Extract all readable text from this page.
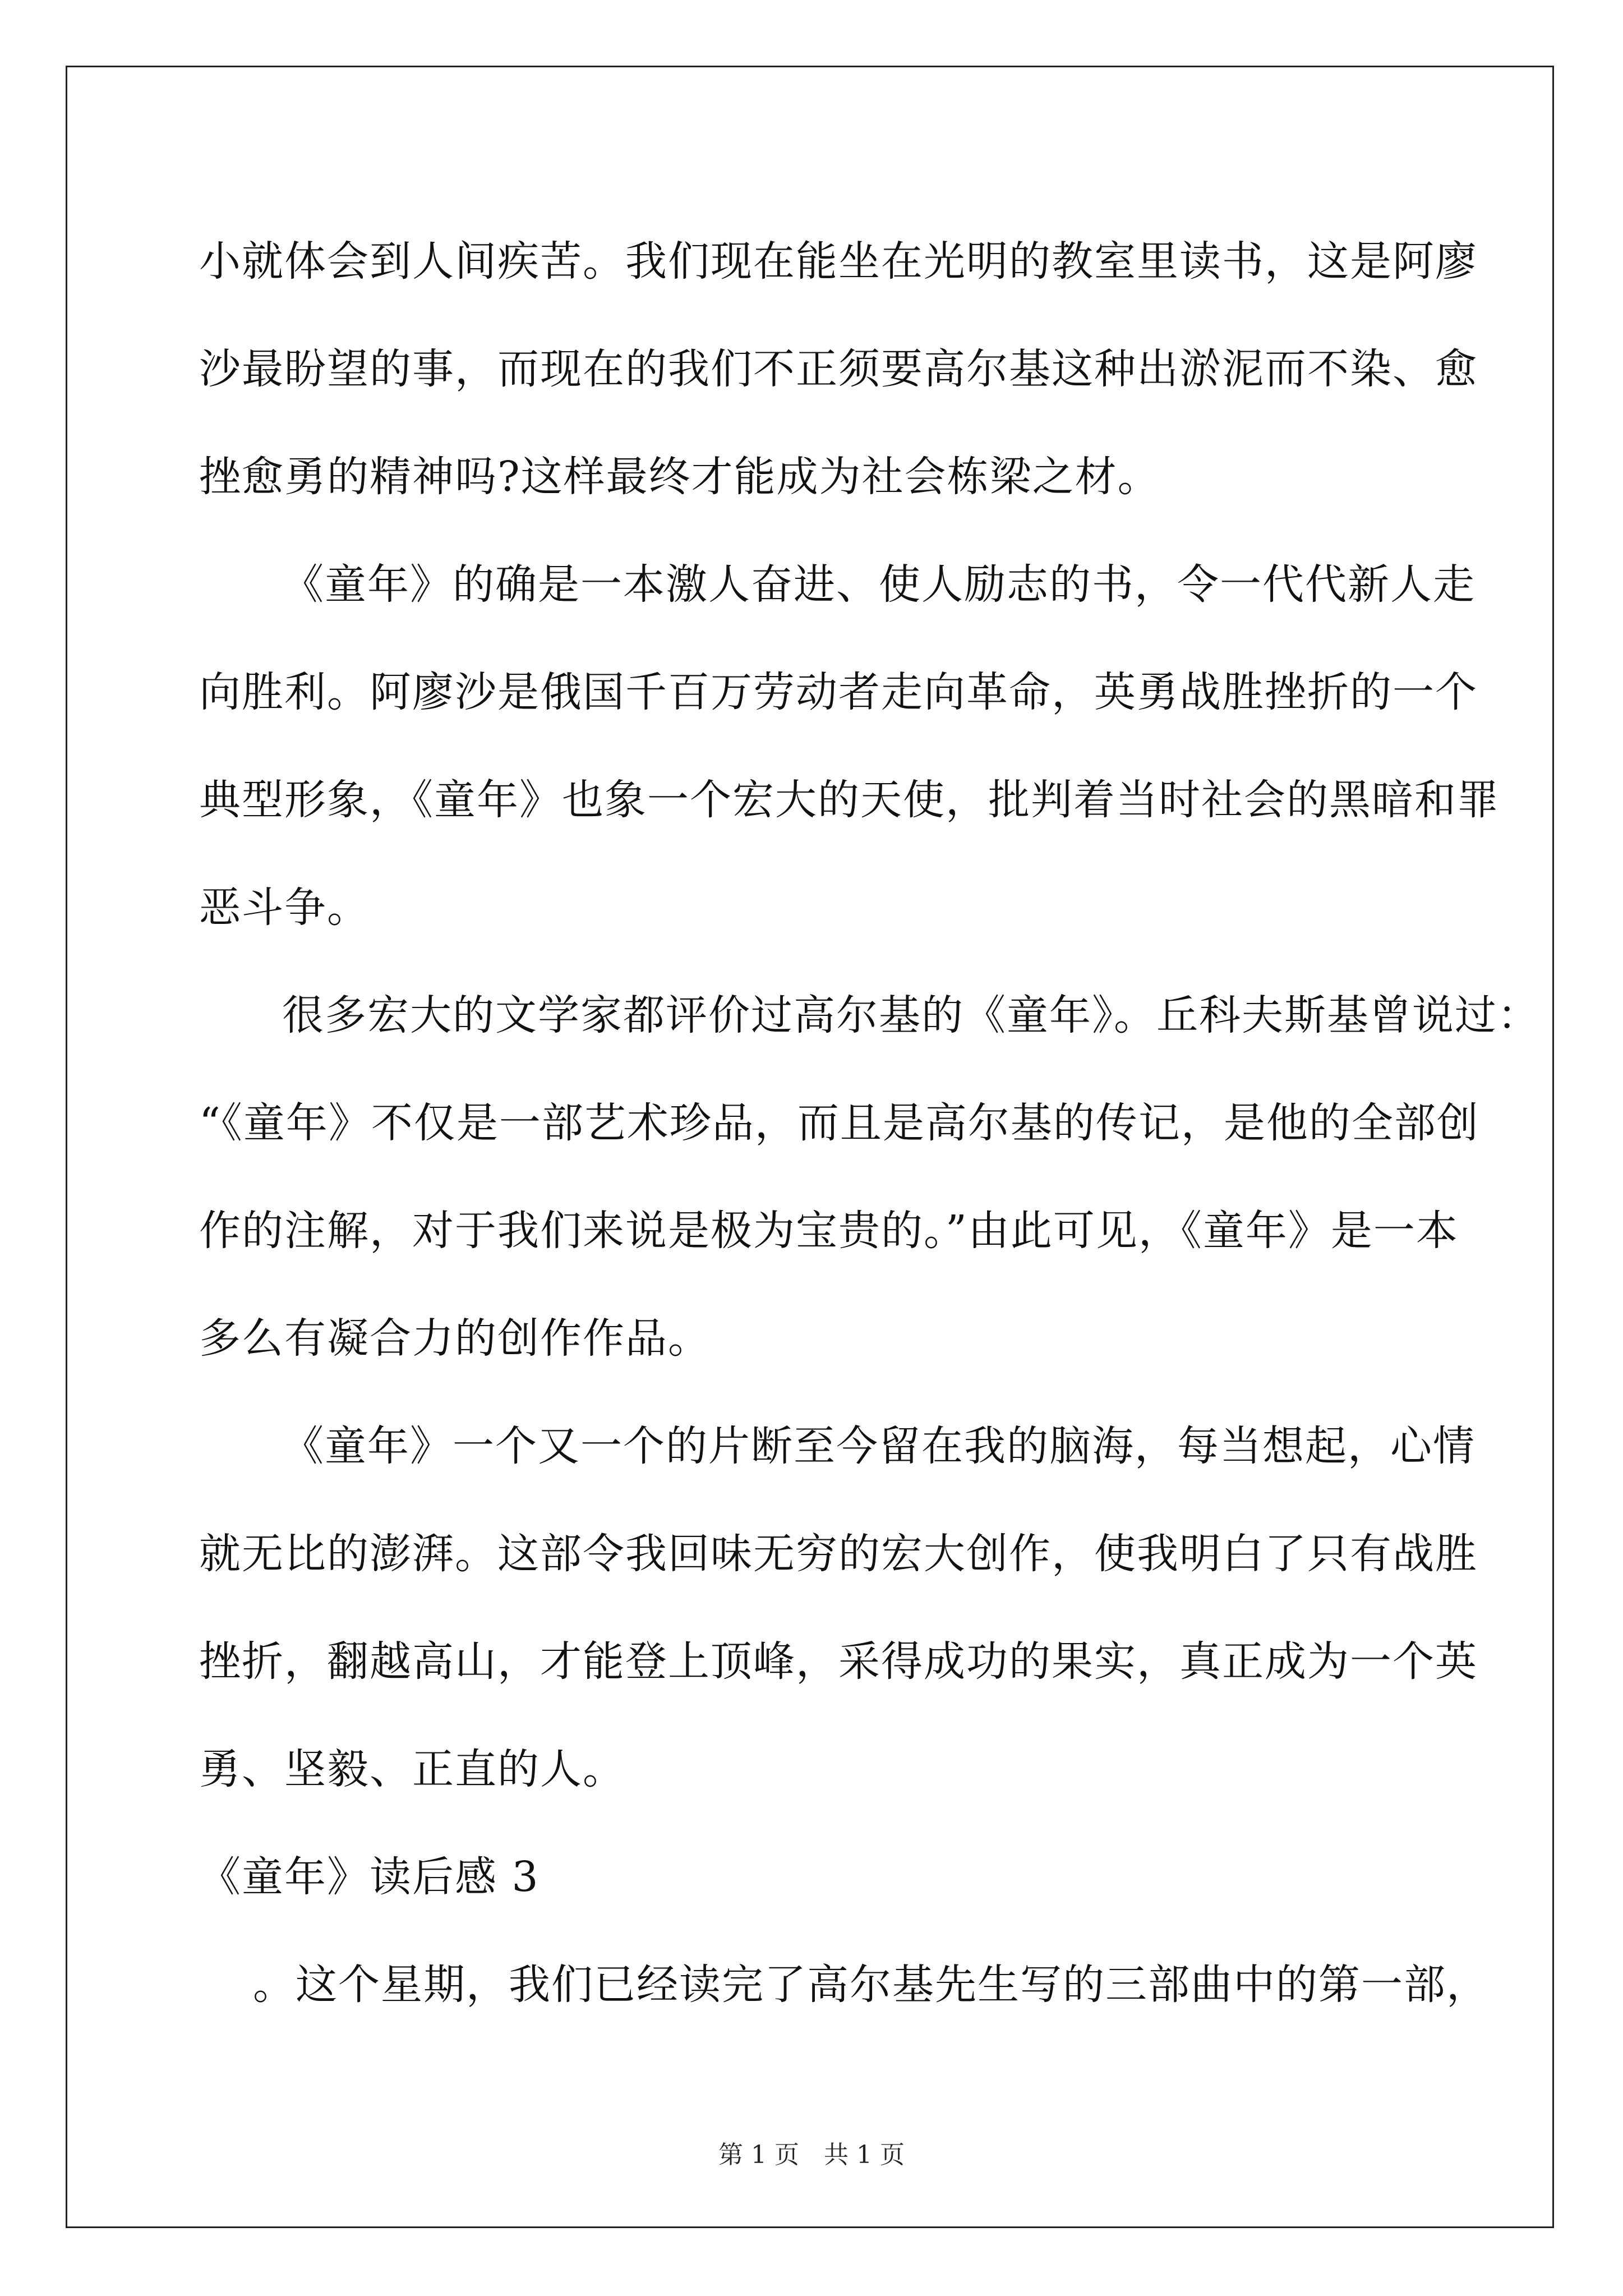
小就体会到人间疾苦。我们现在能坐在光明的教室里读书，这是阿廖
沙最盼望的事，而现在的我们不正须要高尔基这种出淤泥而不染、愈
挫愈勇的精神吗?这样最终才能成为社会栋梁之材。
《童年》的确是一本激人奋进、使人励志的书，令一代代新人走
向胜利。阿廖沙是俄国千百万劳动者走向革命，英勇战胜挫折的一个
典型形象，《童年》也象一个宏大的天使，批判着当时社会的黑暗和罪
恶斗争。
很多宏大的文学家都评价过高尔基的《童年》。丘科夫斯基曾说过：
“《童年》不仅是一部艺术珍品，而且是高尔基的传记，是他的全部创
作的注解，对于我们来说是极为宝贵的。”由此可见，《童年》是一本
多么有凝合力的创作作品。
《童年》一个又一个的片断至今留在我的脑海，每当想起，心情
就无比的澎湃。这部令我回味无穷的宏大创作，使我明白了只有战胜
挫折，翻越高山，才能登上顶峰，采得成功的果实，真正成为一个英
勇、坚毅、正直的人。
《童年》读后感 3
。这个星期，我们已经读完了高尔基先生写的三部曲中的第一部，
第 1 页　共 1 页
